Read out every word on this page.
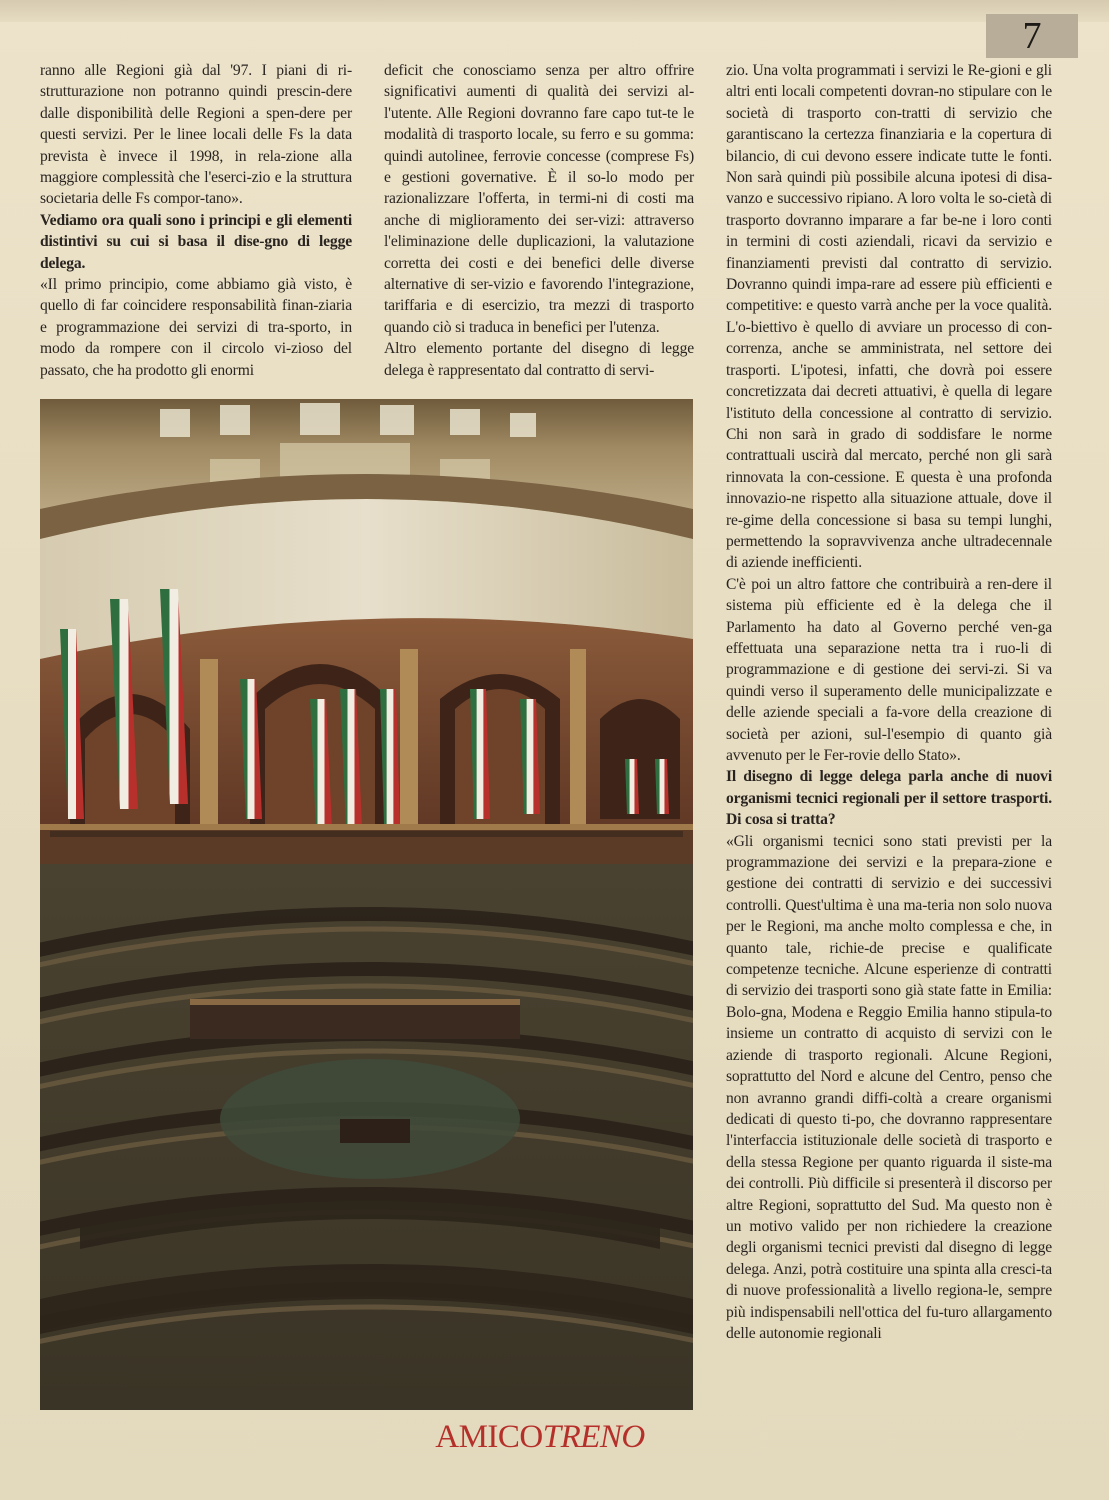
7

ranno alle Regioni già dal '97. I piani di ri-strutturazione non potranno quindi prescin-dere dalle disponibilità delle Regioni a spen-dere per questi servizi. Per le linee locali delle Fs la data prevista è invece il 1998, in rela-zione alla maggiore complessità che l'eserci-zio e la struttura societaria delle Fs compor-tano».

Vediamo ora quali sono i principi e gli elementi distintivi su cui si basa il dise-gno di legge delega.

«Il primo principio, come abbiamo già visto, è quello di far coincidere responsabilità finan-ziaria e programmazione dei servizi di tra-sporto, in modo da rompere con il circolo vi-zioso del passato, che ha prodotto gli enormi

deficit che conosciamo senza per altro offrire significativi aumenti di qualità dei servizi al-l'utente. Alle Regioni dovranno fare capo tut-te le modalità di trasporto locale, su ferro e su gomma: quindi autolinee, ferrovie concesse (comprese Fs) e gestioni governative. È il so-lo modo per razionalizzare l'offerta, in termi-ni di costi ma anche di miglioramento dei ser-vizi: attraverso l'eliminazione delle duplicazioni, la valutazione corretta dei costi e dei benefici delle diverse alternative di ser-vizio e favorendo l'integrazione, tariffaria e di esercizio, tra mezzi di trasporto quando ciò si traduca in benefici per l'utenza.

Altro elemento portante del disegno di legge delega è rappresentato dal contratto di servi-

zio. Una volta programmati i servizi le Re-gioni e gli altri enti locali competenti dovran-no stipulare con le società di trasporto con-tratti di servizio che garantiscano la certezza finanziaria e la copertura di bilancio, di cui devono essere indicate tutte le fonti. Non sarà quindi più possibile alcuna ipotesi di disa-vanzo e successivo ripiano. A loro volta le so-cietà di trasporto dovranno imparare a far be-ne i loro conti in termini di costi aziendali, ricavi da servizio e finanziamenti previsti dal contratto di servizio. Dovranno quindi impa-rare ad essere più efficienti e competitive: e questo varrà anche per la voce qualità. L'o-biettivo è quello di avviare un processo di con-correnza, anche se amministrata, nel settore dei trasporti. L'ipotesi, infatti, che dovrà poi essere concretizzata dai decreti attuativi, è quella di legare l'istituto della concessione al contratto di servizio. Chi non sarà in grado di soddisfare le norme contrattuali uscirà dal mercato, perché non gli sarà rinnovata la con-cessione. E questa è una profonda innovazio-ne rispetto alla situazione attuale, dove il re-gime della concessione si basa su tempi lunghi, permettendo la sopravvivenza anche ultradecennale di aziende inefficienti.

C'è poi un altro fattore che contribuirà a ren-dere il sistema più efficiente ed è la delega che il Parlamento ha dato al Governo perché ven-ga effettuata una separazione netta tra i ruo-li di programmazione e di gestione dei servi-zi. Si va quindi verso il superamento delle municipalizzate e delle aziende speciali a fa-vore della creazione di società per azioni, sul-l'esempio di quanto già avvenuto per le Fer-rovie dello Stato».

Il disegno di legge delega parla anche di nuovi organismi tecnici regionali per il settore trasporti. Di cosa si tratta?

«Gli organismi tecnici sono stati previsti per la programmazione dei servizi e la prepara-zione e gestione dei contratti di servizio e dei successivi controlli. Quest'ultima è una ma-teria non solo nuova per le Regioni, ma anche molto complessa e che, in quanto tale, richie-de precise e qualificate competenze tecniche. Alcune esperienze di contratti di servizio dei trasporti sono già state fatte in Emilia: Bolo-gna, Modena e Reggio Emilia hanno stipula-to insieme un contratto di acquisto di servizi con le aziende di trasporto regionali. Alcune Regioni, soprattutto del Nord e alcune del Centro, penso che non avranno grandi diffi-coltà a creare organismi dedicati di questo ti-po, che dovranno rappresentare l'interfaccia istituzionale delle società di trasporto e della stessa Regione per quanto riguarda il siste-ma dei controlli. Più difficile si presenterà il discorso per altre Regioni, soprattutto del Sud. Ma questo non è un motivo valido per non richiedere la creazione degli organismi tecnici previsti dal disegno di legge delega. Anzi, potrà costituire una spinta alla cresci-ta di nuove professionalità a livello regiona-le, sempre più indispensabili nell'ottica del fu-turo allargamento delle autonomie regionali

AMICO TRENO
